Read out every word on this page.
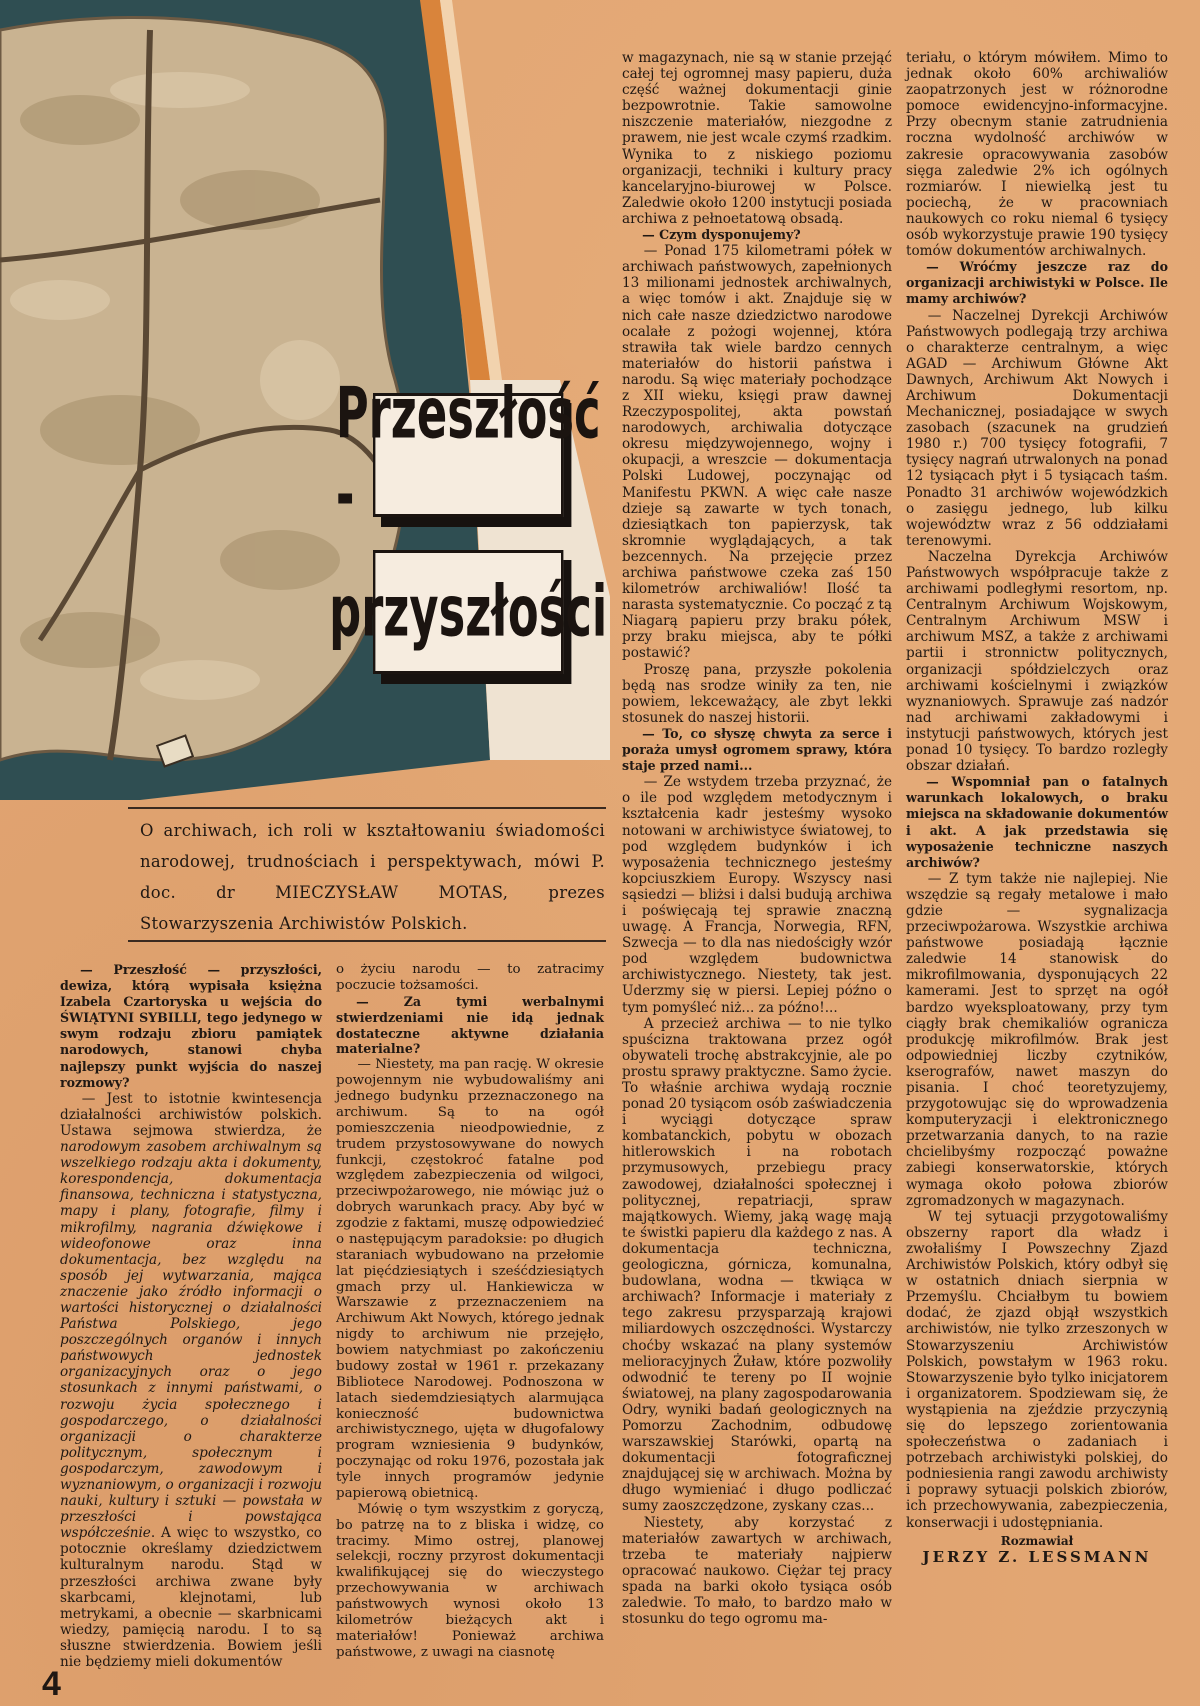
Przeszłość -
przyszłości
O archiwach, ich roli w kształtowaniu świadomości narodowej, trudnościach i perspektywach, mówi P. doc. dr MIECZYSŁAW MOTAS, prezes Stowarzyszenia Archiwistów Polskich.

— Przeszłość — przyszłości, dewiza, którą wypisała księżna Izabela Czartoryska u wejścia do ŚWIĄTYNI SYBILLI, tego jedynego w swym rodzaju zbioru pamiątek narodowych, stanowi chyba najlepszy punkt wyjścia do naszej rozmowy?

— Jest to istotnie kwintesencja działalności archiwistów polskich. Ustawa sejmowa stwierdza, że narodowym zasobem archiwalnym są wszelkiego rodzaju akta i dokumenty, korespondencja, dokumentacja finansowa, techniczna i statystyczna, mapy i plany, fotografie, filmy i mikrofilmy, nagrania dźwiękowe i wideofonowe oraz inna dokumentacja, bez względu na sposób jej wytwarzania, mająca znaczenie jako źródło informacji o wartości historycznej o działalności Państwa Polskiego, jego poszczególnych organów i innych państwowych jednostek organizacyjnych oraz o jego stosunkach z innymi państwami, o rozwoju życia społecznego i gospodarczego, o działalności organizacji o charakterze politycznym, społecznym i gospodarczym, zawodowym i wyznaniowym, o organizacji i rozwoju nauki, kultury i sztuki — powstała w przeszłości i powstająca współcześnie. A więc to wszystko, co potocznie określamy dziedzictwem kulturalnym narodu. Stąd w przeszłości archiwa zwane były skarbcami, klejnotami, lub metrykami, a obecnie — skarbnicami wiedzy, pamięcią narodu. I to są słuszne stwierdzenia. Bowiem jeśli nie będziemy mieli dokumentów

o życiu narodu — to zatracimy poczucie tożsamości.

— Za tymi werbalnymi stwierdzeniami nie idą jednak dostateczne aktywne działania materialne?

— Niestety, ma pan rację. W okresie powojennym nie wybudowaliśmy ani jednego budynku przeznaczonego na archiwum. Są to na ogół pomieszczenia nieodpowiednie, z trudem przystosowywane do nowych funkcji, częstokroć fatalne pod względem zabezpieczenia od wilgoci, przeciwpożarowego, nie mówiąc już o dobrych warunkach pracy. Aby być w zgodzie z faktami, muszę odpowiedzieć o następującym paradoksie: po długich staraniach wybudowano na przełomie lat pięćdziesiątych i sześćdziesiątych gmach przy ul. Hankiewicza w Warszawie z przeznaczeniem na Archiwum Akt Nowych, którego jednak nigdy to archiwum nie przejęło, bowiem natychmiast po zakończeniu budowy został w 1961 r. przekazany Bibliotece Narodowej. Podnoszona w latach siedemdziesiątych alarmująca konieczność budownictwa archiwistycznego, ujęta w długofalowy program wzniesienia 9 budynków, poczynając od roku 1976, pozostała jak tyle innych programów jedynie papierową obietnicą.

Mówię o tym wszystkim z goryczą, bo patrzę na to z bliska i widzę, co tracimy. Mimo ostrej, planowej selekcji, roczny przyrost dokumentacji kwalifikującej się do wieczystego przechowywania w archiwach państwowych wynosi około 13 kilometrów bieżących akt i materiałów! Ponieważ archiwa państwowe, z uwagi na ciasnotę

w magazynach, nie są w stanie przejąć całej tej ogromnej masy papieru, duża część ważnej dokumentacji ginie bezpowrotnie. Takie samowolne niszczenie materiałów, niezgodne z prawem, nie jest wcale czymś rzadkim. Wynika to z niskiego poziomu organizacji, techniki i kultury pracy kancelaryjno-biurowej w Polsce. Zaledwie około 1200 instytucji posiada archiwa z pełnoetatową obsadą.

— Czym dysponujemy?

— Ponad 175 kilometrami półek w archiwach państwowych, zapełnionych 13 milionami jednostek archiwalnych, a więc tomów i akt. Znajduje się w nich całe nasze dziedzictwo narodowe ocalałe z pożogi wojennej, która strawiła tak wiele bardzo cennych materiałów do historii państwa i narodu. Są więc materiały pochodzące z XII wieku, księgi praw dawnej Rzeczypospolitej, akta powstań narodowych, archiwalia dotyczące okresu międzywojennego, wojny i okupacji, a wreszcie — dokumentacja Polski Ludowej, poczynając od Manifestu PKWN. A więc całe nasze dzieje są zawarte w tych tonach, dziesiątkach ton papierzysk, tak skromnie wyglądających, a tak bezcennych. Na przejęcie przez archiwa państwowe czeka zaś 150 kilometrów archiwaliów! Ilość ta narasta systematycznie. Co począć z tą Niagarą papieru przy braku półek, przy braku miejsca, aby te półki postawić?

Proszę pana, przyszłe pokolenia będą nas srodze winiły za ten, nie powiem, lekceważący, ale zbyt lekki stosunek do naszej historii.

— To, co słyszę chwyta za serce i poraża umysł ogromem sprawy, która staje przed nami...

— Ze wstydem trzeba przyznać, że o ile pod względem metodycznym i kształcenia kadr jesteśmy wysoko notowani w archiwistyce światowej, to pod względem budynków i ich wyposażenia technicznego jesteśmy kopciuszkiem Europy. Wszyscy nasi sąsiedzi — bliżsi i dalsi budują archiwa i poświęcają tej sprawie znaczną uwagę. A Francja, Norwegia, RFN, Szwecja — to dla nas niedościgły wzór pod względem budownictwa archiwistycznego. Niestety, tak jest. Uderzmy się w piersi. Lepiej późno o tym pomyśleć niż... za późno!...

A przecież archiwa — to nie tylko spuścizna traktowana przez ogół obywateli trochę abstrakcyjnie, ale po prostu sprawy praktyczne. Samo życie. To właśnie archiwa wydają rocznie ponad 20 tysiącom osób zaświadczenia i wyciągi dotyczące spraw kombatanckich, pobytu w obozach hitlerowskich i na robotach przymusowych, przebiegu pracy zawodowej, działalności społecznej i politycznej, repatriacji, spraw majątkowych. Wiemy, jaką wagę mają te świstki papieru dla każdego z nas. A dokumentacja techniczna, geologiczna, górnicza, komunalna, budowlana, wodna — tkwiąca w archiwach? Informacje i materiały z tego zakresu przysparzają krajowi miliardowych oszczędności. Wystarczy choćby wskazać na plany systemów melioracyjnych Żuław, które pozwoliły odwodnić te tereny po II wojnie światowej, na plany zagospodarowania Odry, wyniki badań geologicznych na Pomorzu Zachodnim, odbudowę warszawskiej Starówki, opartą na dokumentacji fotograficznej znajdującej się w archiwach. Można by długo wymieniać i długo podliczać sumy zaoszczędzone, zyskany czas...

Niestety, aby korzystać z materiałów zawartych w archiwach, trzeba te materiały najpierw opracować naukowo. Ciężar tej pracy spada na barki około tysiąca osób zaledwie. To mało, to bardzo mało w stosunku do tego ogromu ma-

teriału, o którym mówiłem. Mimo to jednak około 60% archiwaliów zaopatrzonych jest w różnorodne pomoce ewidencyjno-informacyjne. Przy obecnym stanie zatrudnienia roczna wydolność archiwów w zakresie opracowywania zasobów sięga zaledwie 2% ich ogólnych rozmiarów. I niewielką jest tu pociechą, że w pracowniach naukowych co roku niemal 6 tysięcy osób wykorzystuje prawie 190 tysięcy tomów dokumentów archiwalnych.

— Wróćmy jeszcze raz do organizacji archiwistyki w Polsce. Ile mamy archiwów?

— Naczelnej Dyrekcji Archiwów Państwowych podlegają trzy archiwa o charakterze centralnym, a więc AGAD — Archiwum Główne Akt Dawnych, Archiwum Akt Nowych i Archiwum Dokumentacji Mechanicznej, posiadające w swych zasobach (szacunek na grudzień 1980 r.) 700 tysięcy fotografii, 7 tysięcy nagrań utrwalonych na ponad 12 tysiącach płyt i 5 tysiącach taśm. Ponadto 31 archiwów wojewódzkich o zasięgu jednego, lub kilku województw wraz z 56 oddziałami terenowymi.

Naczelna Dyrekcja Archiwów Państwowych współpracuje także z archiwami podległymi resortom, np. Centralnym Archiwum Wojskowym, Centralnym Archiwum MSW i archiwum MSZ, a także z archiwami partii i stronnictw politycznych, organizacji spółdzielczych oraz archiwami kościelnymi i związków wyznaniowych. Sprawuje zaś nadzór nad archiwami zakładowymi i instytucji państwowych, których jest ponad 10 tysięcy. To bardzo rozległy obszar działań.

— Wspomniał pan o fatalnych warunkach lokalowych, o braku miejsca na składowanie dokumentów i akt. A jak przedstawia się wyposażenie techniczne naszych archiwów?

— Z tym także nie najlepiej. Nie wszędzie są regały metalowe i mało gdzie — sygnalizacja przeciwpożarowa. Wszystkie archiwa państwowe posiadają łącznie zaledwie 14 stanowisk do mikrofilmowania, dysponujących 22 kamerami. Jest to sprzęt na ogół bardzo wyeksploatowany, przy tym ciągły brak chemikaliów ogranicza produkcję mikrofilmów. Brak jest odpowiedniej liczby czytników, kserografów, nawet maszyn do pisania. I choć teoretyzujemy, przygotowując się do wprowadzenia komputeryzacji i elektronicznego przetwarzania danych, to na razie chcielibyśmy rozpocząć poważne zabiegi konserwatorskie, których wymaga około połowa zbiorów zgromadzonych w magazynach.

W tej sytuacji przygotowaliśmy obszerny raport dla władz i zwołaliśmy I Powszechny Zjazd Archiwistów Polskich, który odbył się w ostatnich dniach sierpnia w Przemyślu. Chciałbym tu bowiem dodać, że zjazd objął wszystkich archiwistów, nie tylko zrzeszonych w Stowarzyszeniu Archiwistów Polskich, powstałym w 1963 roku. Stowarzyszenie było tylko inicjatorem i organizatorem. Spodziewam się, że wystąpienia na zjeździe przyczynią się do lepszego zorientowania społeczeństwa o zadaniach i potrzebach archiwistyki polskiej, do podniesienia rangi zawodu archiwisty i poprawy sytuacji polskich zbiorów, ich przechowywania, zabezpieczenia, konserwacji i udostępniania.

Rozmawiał

JERZY Z. LESSMANN

4
